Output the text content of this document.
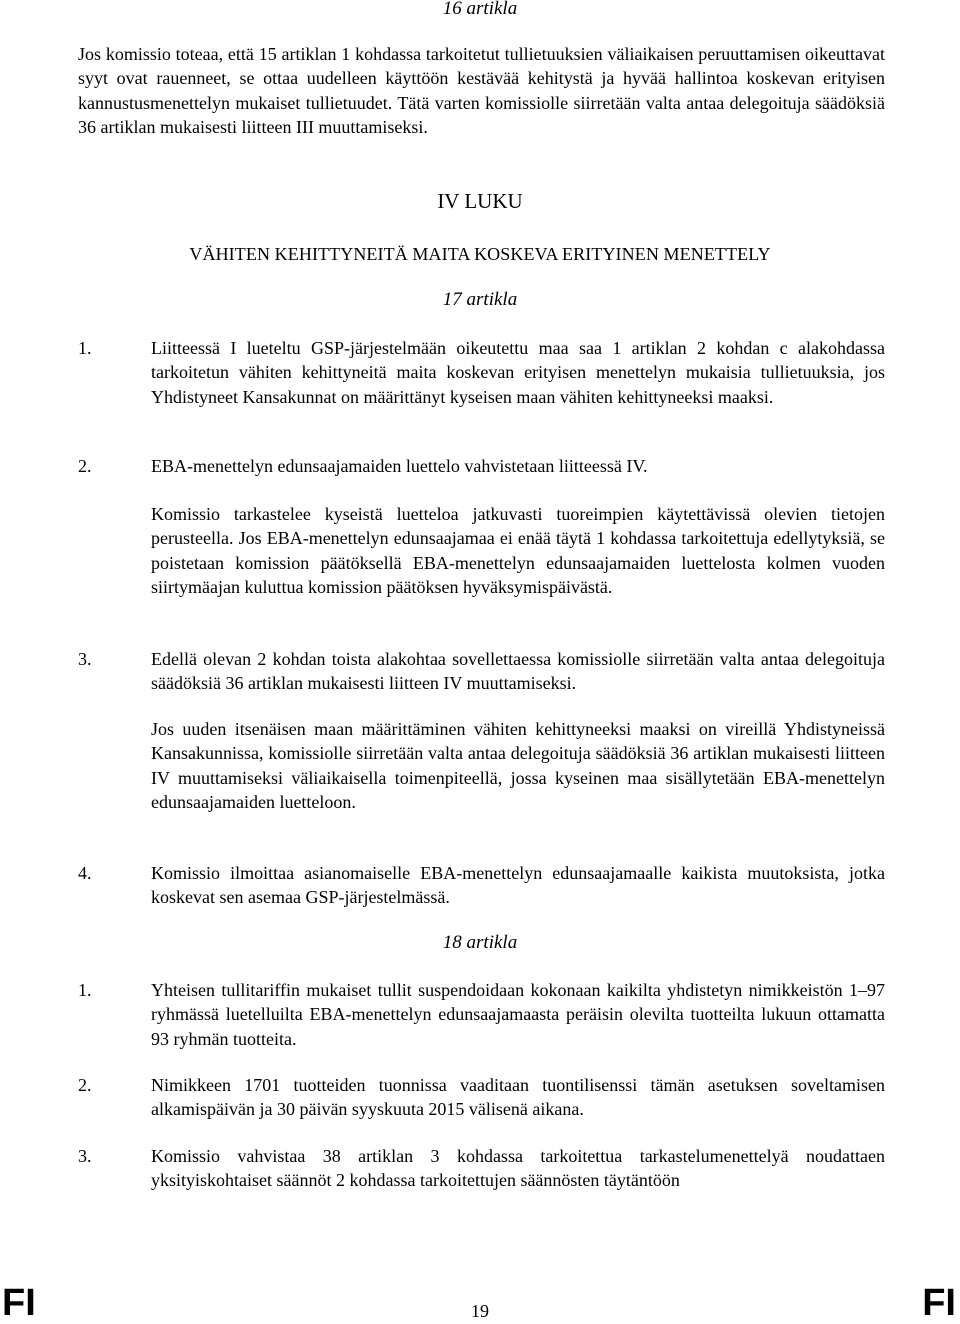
16 artikla

Jos komissio toteaa, että 15 artiklan 1 kohdassa tarkoitetut tullietuuksien väliaikaisen peruuttamisen oikeuttavat syyt ovat rauenneet, se ottaa uudelleen käyttöön kestävää kehitystä ja hyvää hallintoa koskevan erityisen kannustusmenettelyn mukaiset tullietuudet. Tätä varten komissiolle siirretään valta antaa delegoituja säädöksiä 36 artiklan mukaisesti liitteen III muuttamiseksi.

IV LUKU
VÄHITEN KEHITTYNEITÄ MAITA KOSKEVA ERITYINEN MENETTELY
17 artikla
1.	Liitteessä I lueteltu GSP-järjestelmään oikeutettu maa saa 1 artiklan 2 kohdan c alakohdassa tarkoitetun vähiten kehittyneitä maita koskevan erityisen menettelyn mukaisia tullietuuksia, jos Yhdistyneet Kansakunnat on määrittänyt kyseisen maan vähiten kehittyneeksi maaksi.

2.	EBA-menettelyn edunsaajamaiden luettelo vahvistetaan liitteessä IV.

Komissio tarkastelee kyseistä luetteloa jatkuvasti tuoreimpien käytettävissä olevien tietojen perusteella. Jos EBA-menettelyn edunsaajamaa ei enää täytä 1 kohdassa tarkoitettuja edellytyksiä, se poistetaan komission päätöksellä EBA-menettelyn edunsaajamaiden luettelosta kolmen vuoden siirtymäajan kuluttua komission päätöksen hyväksymispäivästä.

3.	Edellä olevan 2 kohdan toista alakohtaa sovellettaessa komissiolle siirretään valta antaa delegoituja säädöksiä 36 artiklan mukaisesti liitteen IV muuttamiseksi.

Jos uuden itsenäisen maan määrittäminen vähiten kehittyneeksi maaksi on vireillä Yhdistyneissä Kansakunnissa, komissiolle siirretään valta antaa delegoituja säädöksiä 36 artiklan mukaisesti liitteen IV muuttamiseksi väliaikaisella toimenpiteellä, jossa kyseinen maa sisällytetään EBA-menettelyn edunsaajamaiden luetteloon.

4.	Komissio ilmoittaa asianomaiselle EBA-menettelyn edunsaajamaalle kaikista muutoksista, jotka koskevat sen asemaa GSP-järjestelmässä.

18 artikla
1.	Yhteisen tullitariffin mukaiset tullit suspendoidaan kokonaan kaikilta yhdistetyn nimikkeistön 1–97 ryhmässä luetelluilta EBA-menettelyn edunsaajamaasta peräisin olevilta tuotteilta lukuun ottamatta 93 ryhmän tuotteita.

2.	Nimikkeen 1701 tuotteiden tuonnissa vaaditaan tuontilisenssi tämän asetuksen soveltamisen alkamispäivän ja 30 päivän syyskuuta 2015 välisenä aikana.

3.	Komissio vahvistaa 38 artiklan 3 kohdassa tarkoitettua tarkastelumenettelyä noudattaen yksityiskohtaiset säännöt 2 kohdassa tarkoitettujen säännösten täytäntöön

FI	19	FI
